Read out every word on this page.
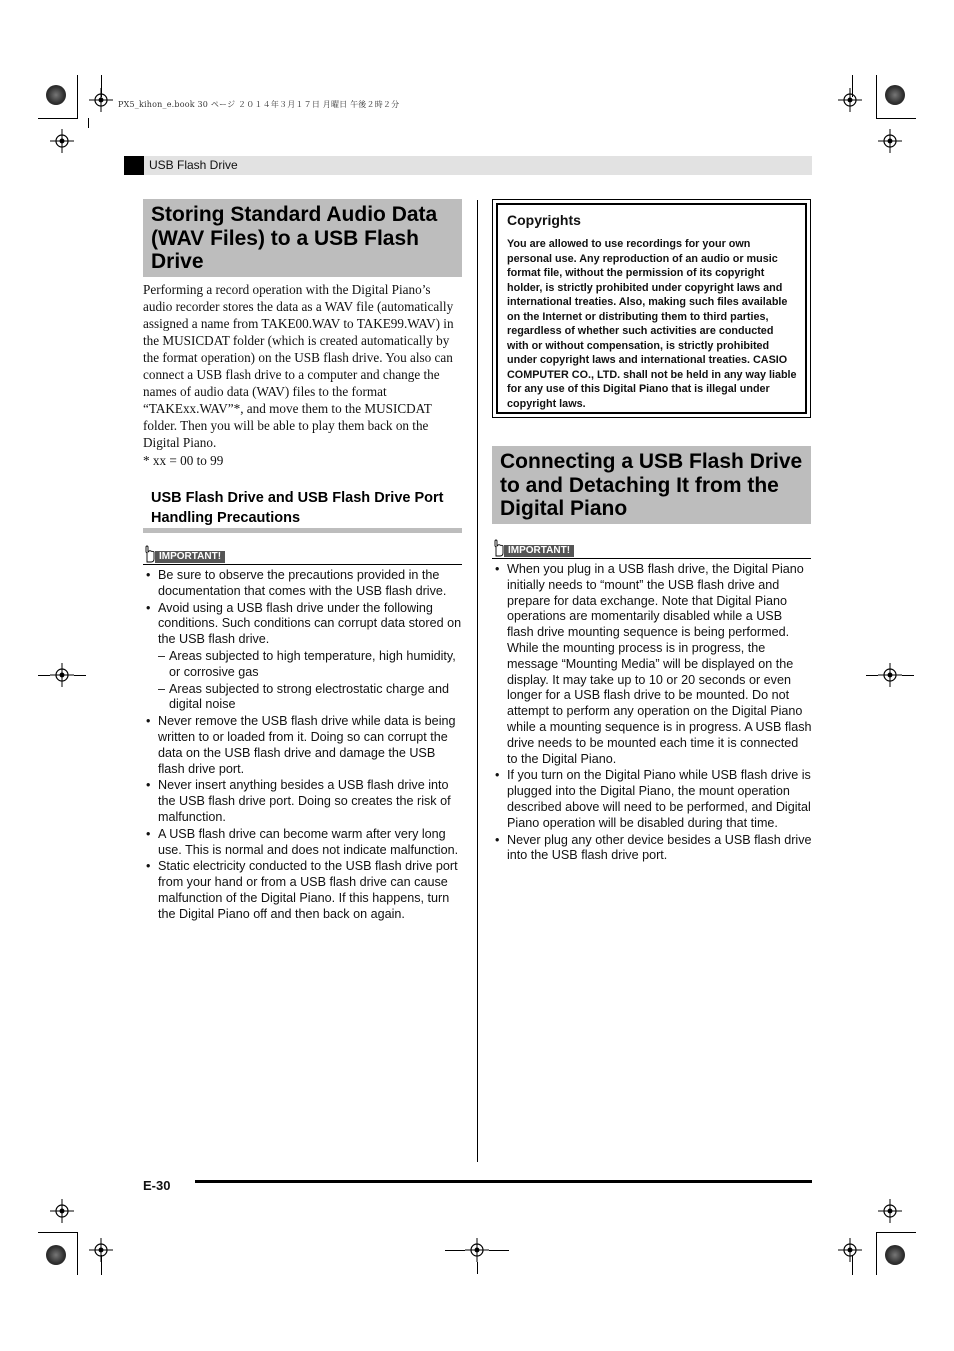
PX5_kihon_e.book 30 ページ ２０１４年３月１７日 月曜日 午後２時２分
USB Flash Drive
Storing Standard Audio Data (WAV Files) to a USB Flash Drive
Performing a record operation with the Digital Piano’s audio recorder stores the data as a WAV file (automatically assigned a name from TAKE00.WAV to TAKE99.WAV) in the MUSICDAT folder (which is created automatically by the format operation) on the USB flash drive. You also can connect a USB flash drive to a computer and change the names of audio data (WAV) files to the format “TAKExx.WAV”*, and move them to the MUSICDAT folder. Then you will be able to play them back on the Digital Piano.
* xx = 00 to 99
USB Flash Drive and USB Flash Drive Port Handling Precautions
IMPORTANT!
• Be sure to observe the precautions provided in the documentation that comes with the USB flash drive.
• Avoid using a USB flash drive under the following conditions. Such conditions can corrupt data stored on the USB flash drive.
– Areas subjected to high temperature, high humidity, or corrosive gas
– Areas subjected to strong electrostatic charge and digital noise
• Never remove the USB flash drive while data is being written to or loaded from it. Doing so can corrupt the data on the USB flash drive and damage the USB flash drive port.
• Never insert anything besides a USB flash drive into the USB flash drive port. Doing so creates the risk of malfunction.
• A USB flash drive can become warm after very long use. This is normal and does not indicate malfunction.
• Static electricity conducted to the USB flash drive port from your hand or from a USB flash drive can cause malfunction of the Digital Piano. If this happens, turn the Digital Piano off and then back on again.
Copyrights

You are allowed to use recordings for your own personal use. Any reproduction of an audio or music format file, without the permission of its copyright holder, is strictly prohibited under copyright laws and international treaties. Also, making such files available on the Internet or distributing them to third parties, regardless of whether such activities are conducted with or without compensation, is strictly prohibited under copyright laws and international treaties. CASIO COMPUTER CO., LTD. shall not be held in any way liable for any use of this Digital Piano that is illegal under copyright laws.

Connecting a USB Flash Drive to and Detaching It from the Digital Piano
IMPORTANT!
• When you plug in a USB flash drive, the Digital Piano initially needs to “mount” the USB flash drive and prepare for data exchange. Note that Digital Piano operations are momentarily disabled while a USB flash drive mounting sequence is being performed. While the mounting process is in progress, the message “Mounting Media” will be displayed on the display. It may take up to 10 or 20 seconds or even longer for a USB flash drive to be mounted. Do not attempt to perform any operation on the Digital Piano while a mounting sequence is in progress. A USB flash drive needs to be mounted each time it is connected to the Digital Piano.
• If you turn on the Digital Piano while USB flash drive is plugged into the Digital Piano, the mount operation described above will need to be performed, and Digital Piano operation will be disabled during that time.
• Never plug any other device besides a USB flash drive into the USB flash drive port.
E-30
